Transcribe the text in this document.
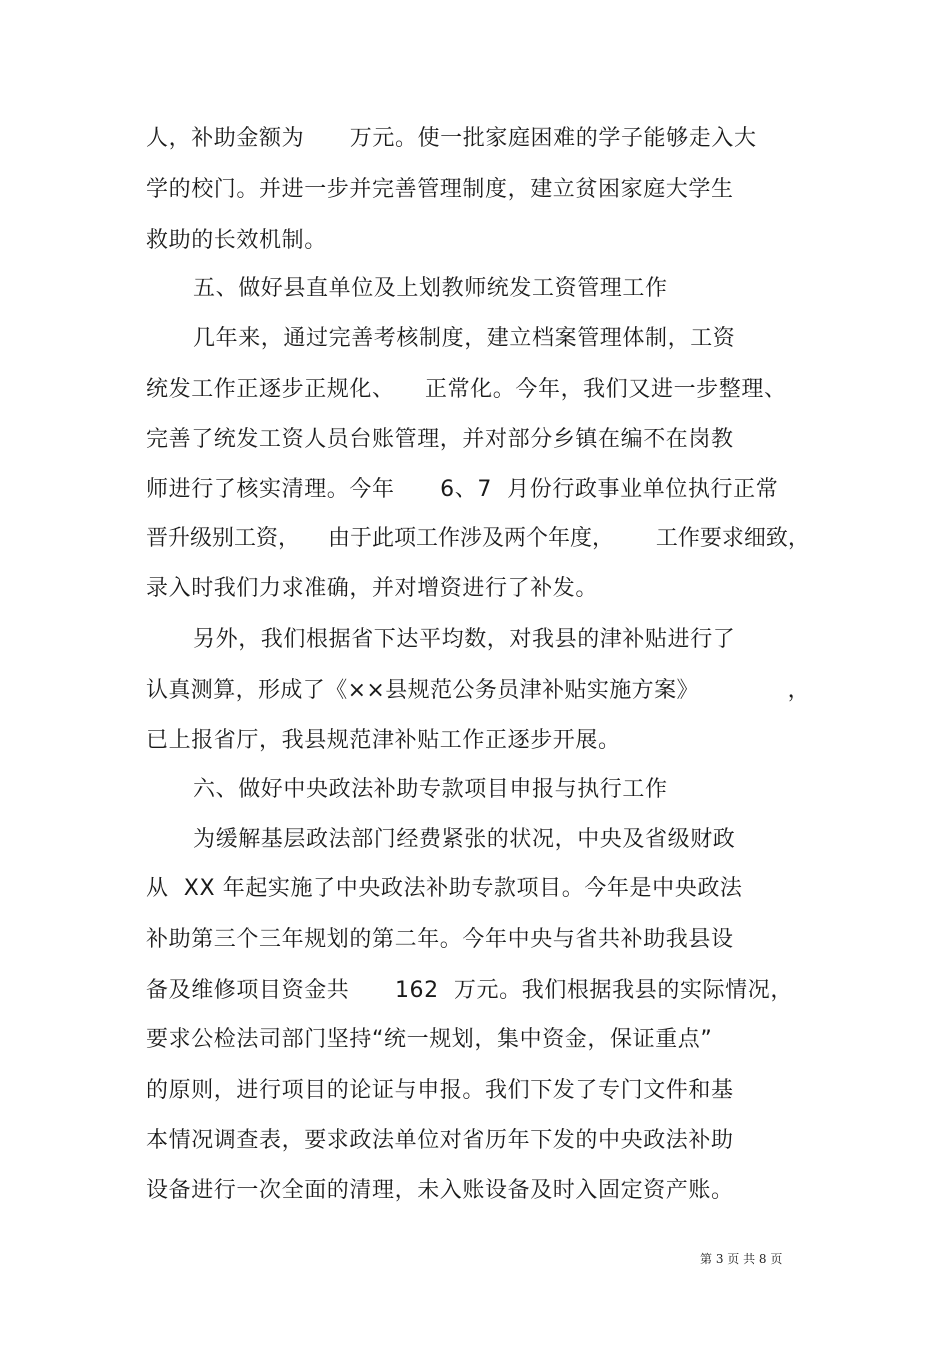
人，补助金额为      万元。使一批家庭困难的学子能够走入大
学的校门。并进一步并完善管理制度，建立贫困家庭大学生
救助的长效机制。
五、做好县直单位及上划教师统发工资管理工作
几年来，通过完善考核制度，建立档案管理体制，工资
统发工作正逐步正规化、    正常化。今年，我们又进一步整理、
完善了统发工资人员台账管理，并对部分乡镇在编不在岗教
师进行了核实清理。今年      6、7  月份行政事业单位执行正常
晋升级别工资，    由于此项工作涉及两个年度，      工作要求细致，
录入时我们力求准确，并对增资进行了补发。
另外，我们根据省下达平均数，对我县的津补贴进行了
认真测算，形成了《××县规范公务员津补贴实施方案》            ，
已上报省厅，我县规范津补贴工作正逐步开展。
六、做好中央政法补助专款项目申报与执行工作
为缓解基层政法部门经费紧张的状况，中央及省级财政
从  XX 年起实施了中央政法补助专款项目。今年是中央政法
补助第三个三年规划的第二年。今年中央与省共补助我县设
备及维修项目资金共      162  万元。我们根据我县的实际情况，
要求公检法司部门坚持“统一规划，集中资金，保证重点”
的原则，进行项目的论证与申报。我们下发了专门文件和基
本情况调查表，要求政法单位对省历年下发的中央政法补助
设备进行一次全面的清理，未入账设备及时入固定资产账。
第 3 页 共 8 页
